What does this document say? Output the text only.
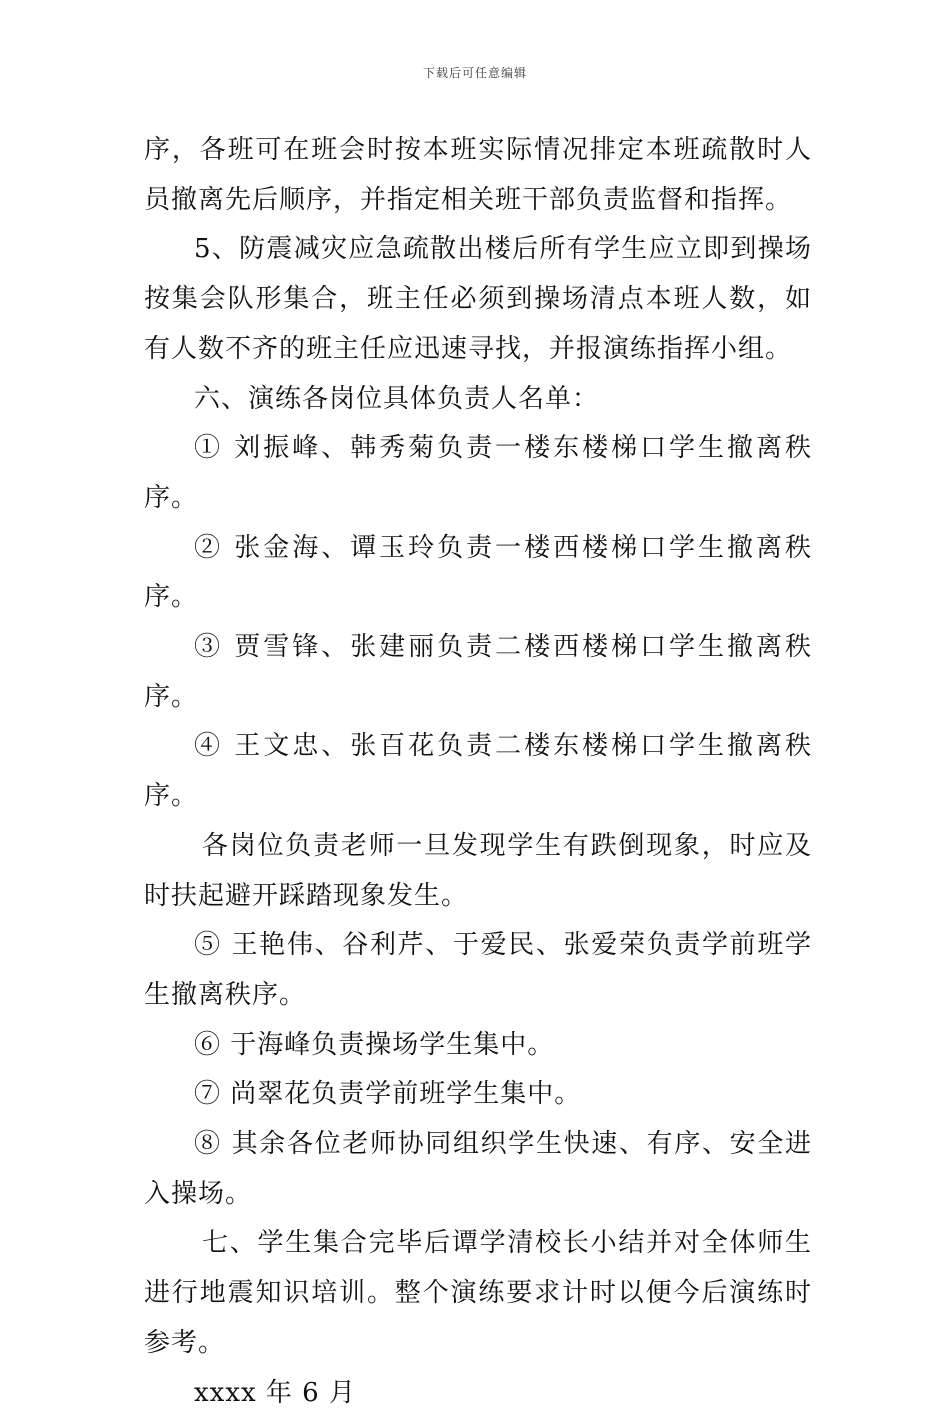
下载后可任意编辑

序，各班可在班会时按本班实际情况排定本班疏散时人员撤离先后顺序，并指定相关班干部负责监督和指挥。

5、防震减灾应急疏散出楼后所有学生应立即到操场按集会队形集合，班主任必须到操场清点本班人数，如有人数不齐的班主任应迅速寻找，并报演练指挥小组。

六、演练各岗位具体负责人名单：

① 刘振峰、韩秀菊负责一楼东楼梯口学生撤离秩序。

② 张金海、谭玉玲负责一楼西楼梯口学生撤离秩序。

③ 贾雪锋、张建丽负责二楼西楼梯口学生撤离秩序。

④ 王文忠、张百花负责二楼东楼梯口学生撤离秩序。

各岗位负责老师一旦发现学生有跌倒现象，时应及时扶起避开踩踏现象发生。

⑤ 王艳伟、谷利芹、于爱民、张爱荣负责学前班学生撤离秩序。

⑥ 于海峰负责操场学生集中。

⑦ 尚翠花负责学前班学生集中。

⑧ 其余各位老师协同组织学生快速、有序、安全进入操场。

七、学生集合完毕后谭学清校长小结并对全体师生进行地震知识培训。整个演练要求计时以便今后演练时参考。

xxxx 年 6 月
